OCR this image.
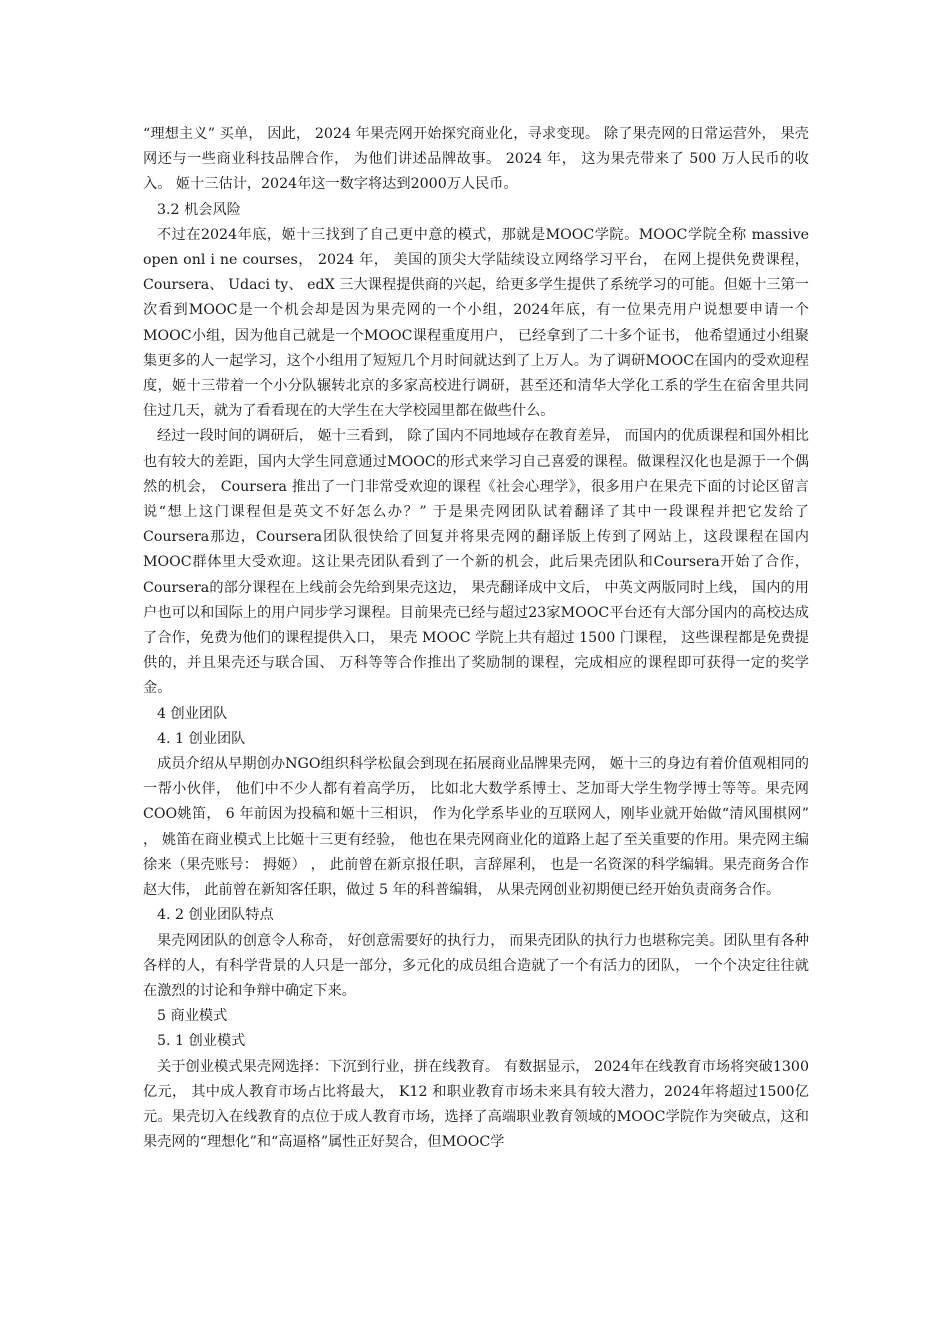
“理想主义” 买单， 因此， 2024 年果壳网开始探究商业化，寻求变现。 除了果壳网的日常运营外， 果壳网还与一些商业科技品牌合作， 为他们讲述品牌故事。 2024 年， 这为果壳带来了 500 万人民币的收入。 姬十三估计，2024年这一数字将达到2000万人民币。

3.2 机会风险

不过在2024年底，姬十三找到了自己更中意的模式，那就是MOOC学院。MOOC学院全称 massive open onl i ne courses， 2024 年， 美国的顶尖大学陆续设立网络学习平台， 在网上提供免费课程， Coursera、 Udaci ty、 edX 三大课程提供商的兴起，给更多学生提供了系统学习的可能。但姬十三第一次看到MOOC是一个机会却是因为果壳网的一个小组，2024年底，有一位果壳用户说想要申请一个MOOC小组，因为他自己就是一个MOOC课程重度用户， 已经拿到了二十多个证书， 他希望通过小组聚集更多的人一起学习，这个小组用了短短几个月时间就达到了上万人。为了调研MOOC在国内的受欢迎程度，姬十三带着一个小分队辗转北京的多家高校进行调研，甚至还和清华大学化工系的学生在宿舍里共同住过几天，就为了看看现在的大学生在大学校园里都在做些什么。

经过一段时间的调研后， 姬十三看到， 除了国内不同地域存在教育差异， 而国内的优质课程和国外相比也有较大的差距，国内大学生同意通过MOOC的形式来学习自己喜爱的课程。做课程汉化也是源于一个偶然的机会， Coursera 推出了一门非常受欢迎的课程《社会心理学》，很多用户在果壳下面的讨论区留言说“想上这门课程但是英文不好怎么办？” 于是果壳网团队试着翻译了其中一段课程并把它发给了Coursera那边，Coursera团队很快给了回复并将果壳网的翻译版上传到了网站上，这段课程在国内MOOC群体里大受欢迎。这让果壳团队看到了一个新的机会，此后果壳团队和Coursera开始了合作，Coursera的部分课程在上线前会先给到果壳这边， 果壳翻译成中文后， 中英文两版同时上线， 国内的用户也可以和国际上的用户同步学习课程。目前果壳已经与超过23家MOOC平台还有大部分国内的高校达成了合作，免费为他们的课程提供入口， 果壳 MOOC 学院上共有超过 1500 门课程， 这些课程都是免费提供的，并且果壳还与联合国、 万科等等合作推出了奖励制的课程，完成相应的课程即可获得一定的奖学金。

4 创业团队

4. 1 创业团队

成员介绍从早期创办NGO组织科学松鼠会到现在拓展商业品牌果壳网， 姬十三的身边有着价值观相同的一帮小伙伴， 他们中不少人都有着高学历， 比如北大数学系博士、芝加哥大学生物学博士等等。果壳网COO姚笛， 6 年前因为投稿和姬十三相识， 作为化学系毕业的互联网人，刚毕业就开始做“清风围棋网” ， 姚笛在商业模式上比姬十三更有经验， 他也在果壳网商业化的道路上起了至关重要的作用。果壳网主编徐来（果壳账号： 拇姬） ， 此前曾在新京报任职，言辞犀利， 也是一名资深的科学编辑。果壳商务合作赵大伟， 此前曾在新知客任职，做过 5 年的科普编辑， 从果壳网创业初期便已经开始负责商务合作。

4. 2 创业团队特点

果壳网团队的创意令人称奇， 好创意需要好的执行力， 而果壳团队的执行力也堪称完美。团队里有各种各样的人，有科学背景的人只是一部分，多元化的成员组合造就了一个有活力的团队， 一个个决定往往就在激烈的讨论和争辩中确定下来。

5 商业模式

5. 1 创业模式

关于创业模式果壳网选择：下沉到行业，拼在线教育。 有数据显示， 2024年在线教育市场将突破1300亿元， 其中成人教育市场占比将最大， K12 和职业教育市场未来具有较大潜力，2024年将超过1500亿元。果壳切入在线教育的点位于成人教育市场，选择了高端职业教育领域的MOOC学院作为突破点，这和果壳网的“理想化”和“高逼格”属性正好契合，但MOOC学
